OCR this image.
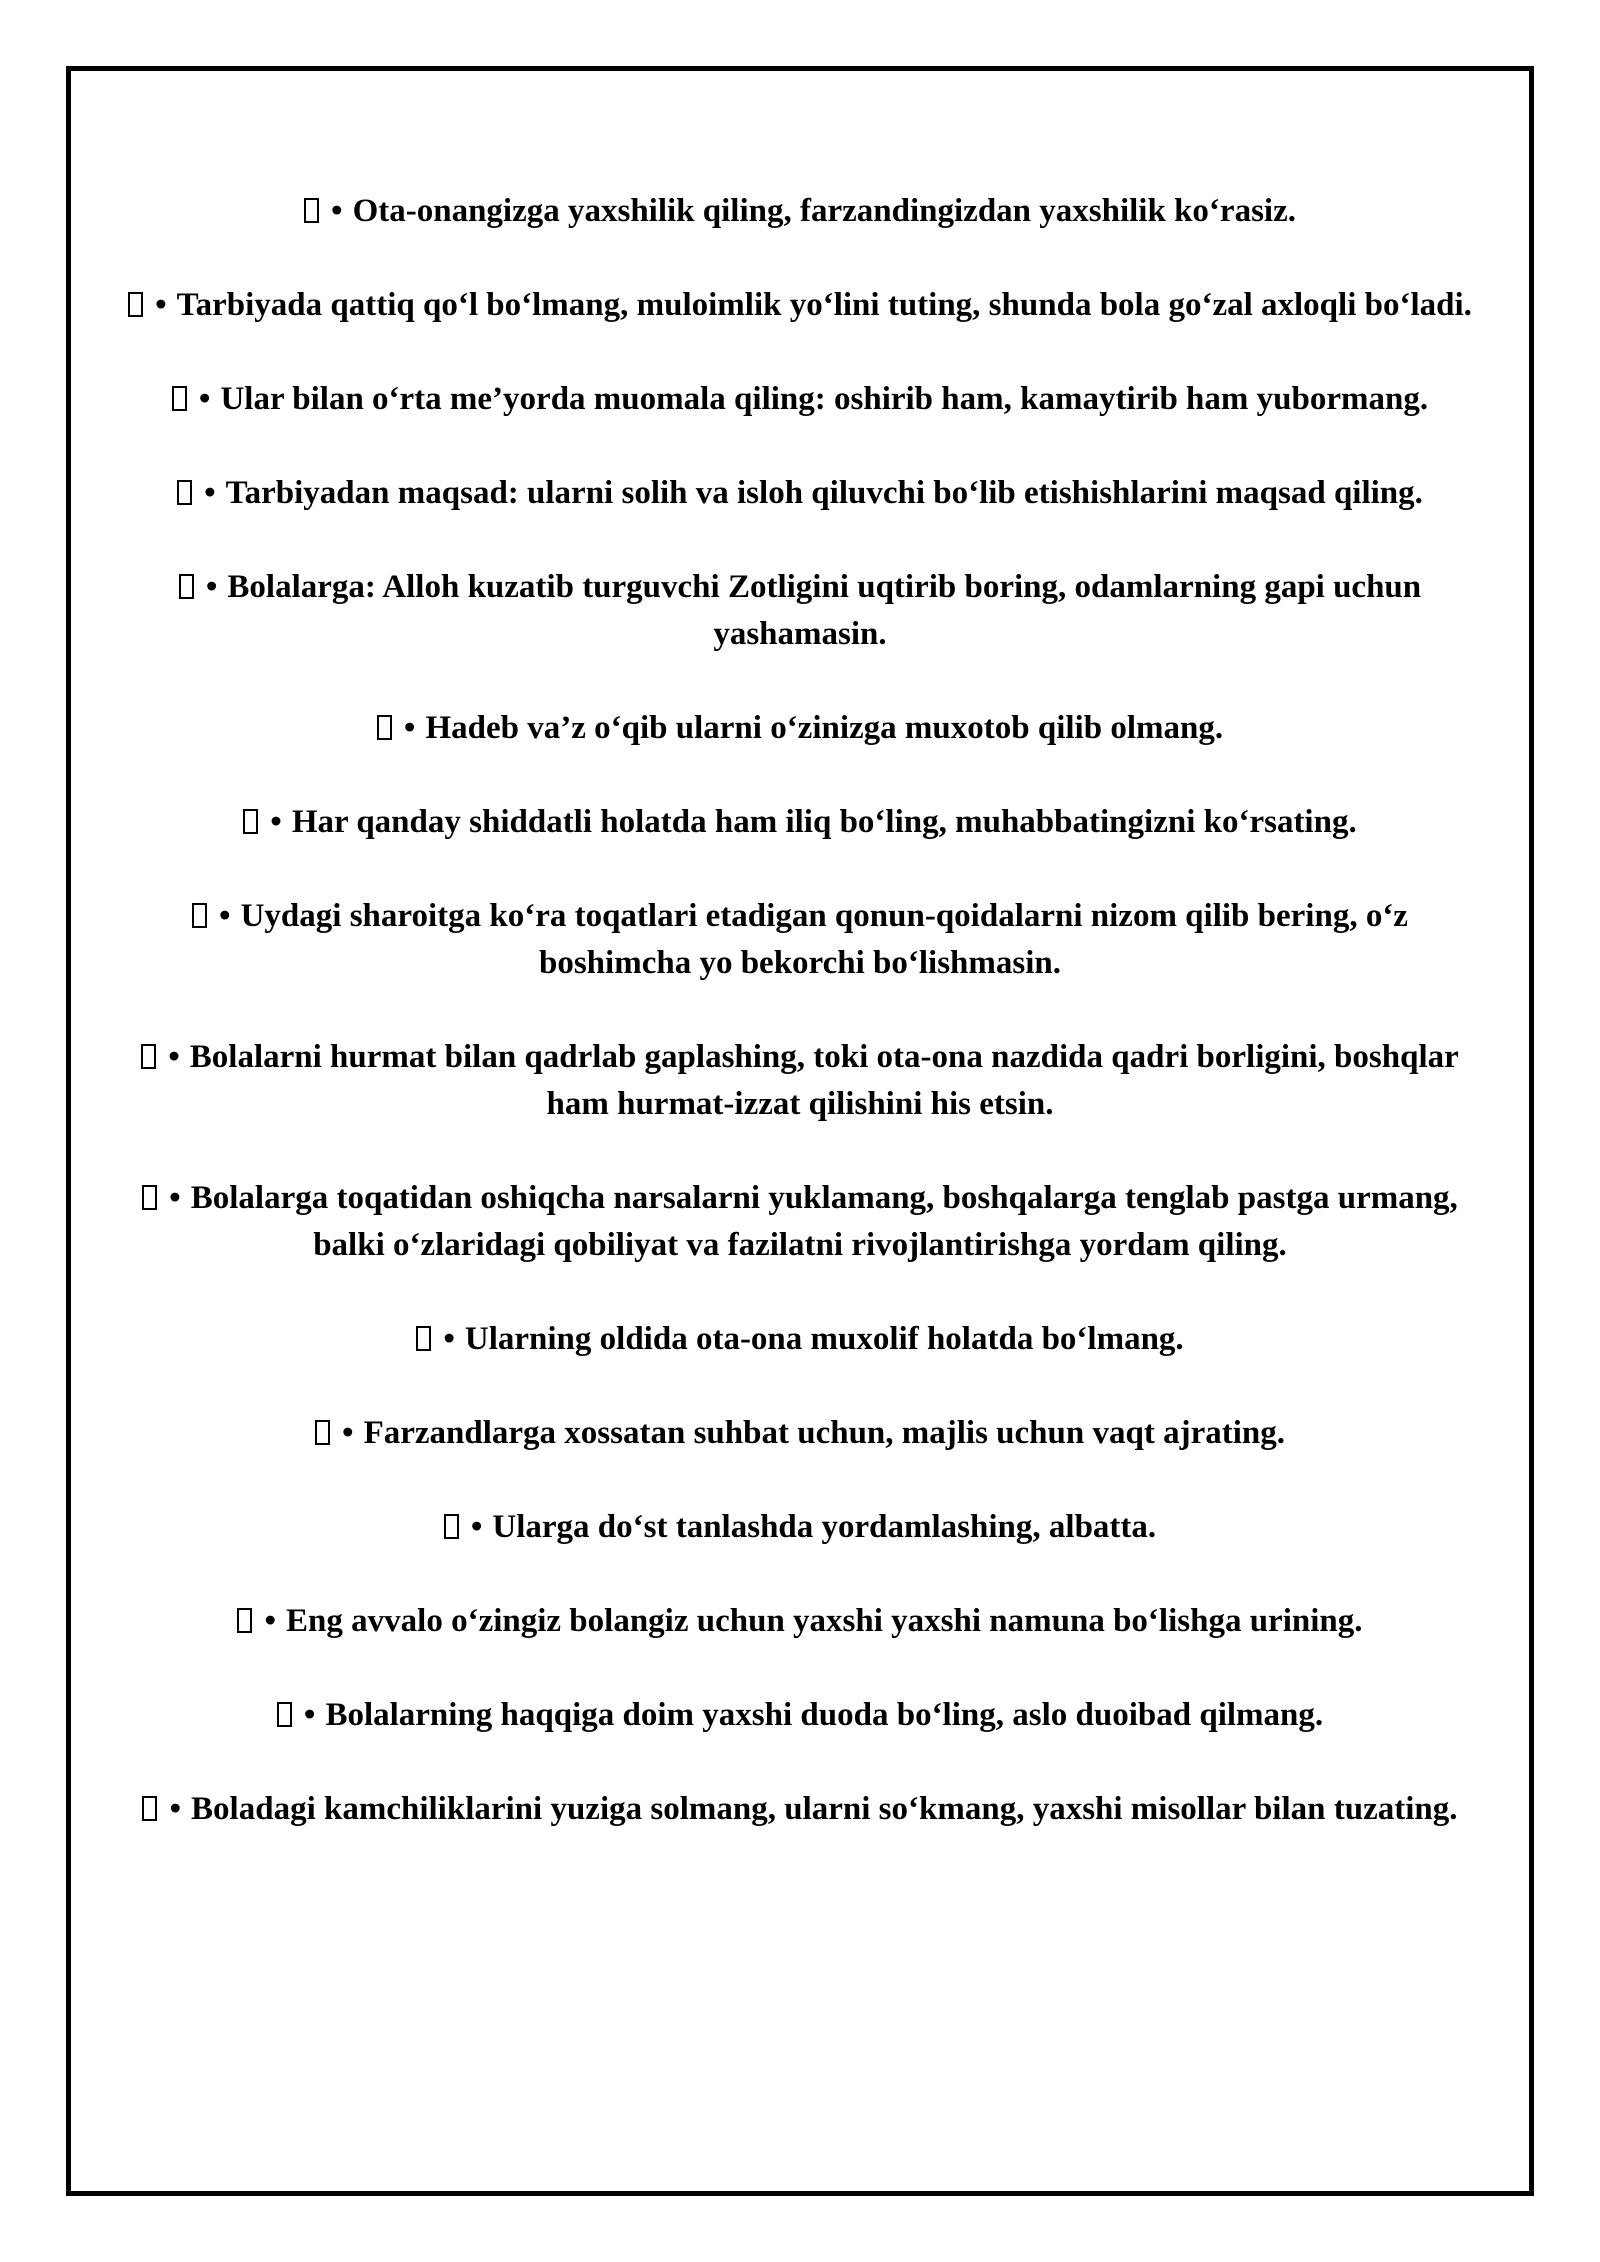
• Ota-onangizga yaxshilik qiling, farzandingizdan yaxshilik koʻrasiz.

• Tarbiyada qattiq qoʻl boʻlmang, muloimlik yoʻlini tuting, shunda bola goʻzal axloqli boʻladi.

• Ular bilan oʻrta me’yorda muomala qiling: oshirib ham, kamaytirib ham yubormang.

• Tarbiyadan maqsad: ularni solih va isloh qiluvchi boʻlib etishishlarini maqsad qiling.

• Bolalarga: Alloh kuzatib turguvchi Zotligini uqtirib boring, odamlarning gapi uchun yashamasin.

• Hadeb va’z oʻqib ularni oʻzinizga muxotob qilib olmang.

• Har qanday shiddatli holatda ham iliq boʻling, muhabbatingizni koʻrsating.

• Uydagi sharoitga koʻra toqatlari etadigan qonun-qoidalarni nizom qilib bering, oʻz boshimcha yo bekorchi boʻlishmasin.

• Bolalarni hurmat bilan qadrlab gaplashing, toki ota-ona nazdida qadri borligini, boshqlar ham hurmat-izzat qilishini his etsin.

• Bolalarga toqatidan oshiqcha narsalarni yuklamang, boshqalarga tenglab pastga urmang, balki oʻzlaridagi qobiliyat va fazilatni rivojlantirishga yordam qiling.

• Ularning oldida ota-ona muxolif holatda boʻlmang.

• Farzandlarga xossatan suhbat uchun, majlis uchun vaqt ajrating.

• Ularga doʻst tanlashda yordamlashing, albatta.

• Eng avvalo oʻzingiz bolangiz uchun yaxshi yaxshi namuna boʻlishga urining.

• Bolalarning haqqiga doim yaxshi duoda boʻling, aslo duoibad qilmang.

• Boladagi kamchiliklarini yuziga solmang, ularni soʻkmang, yaxshi misollar bilan tuzating.
